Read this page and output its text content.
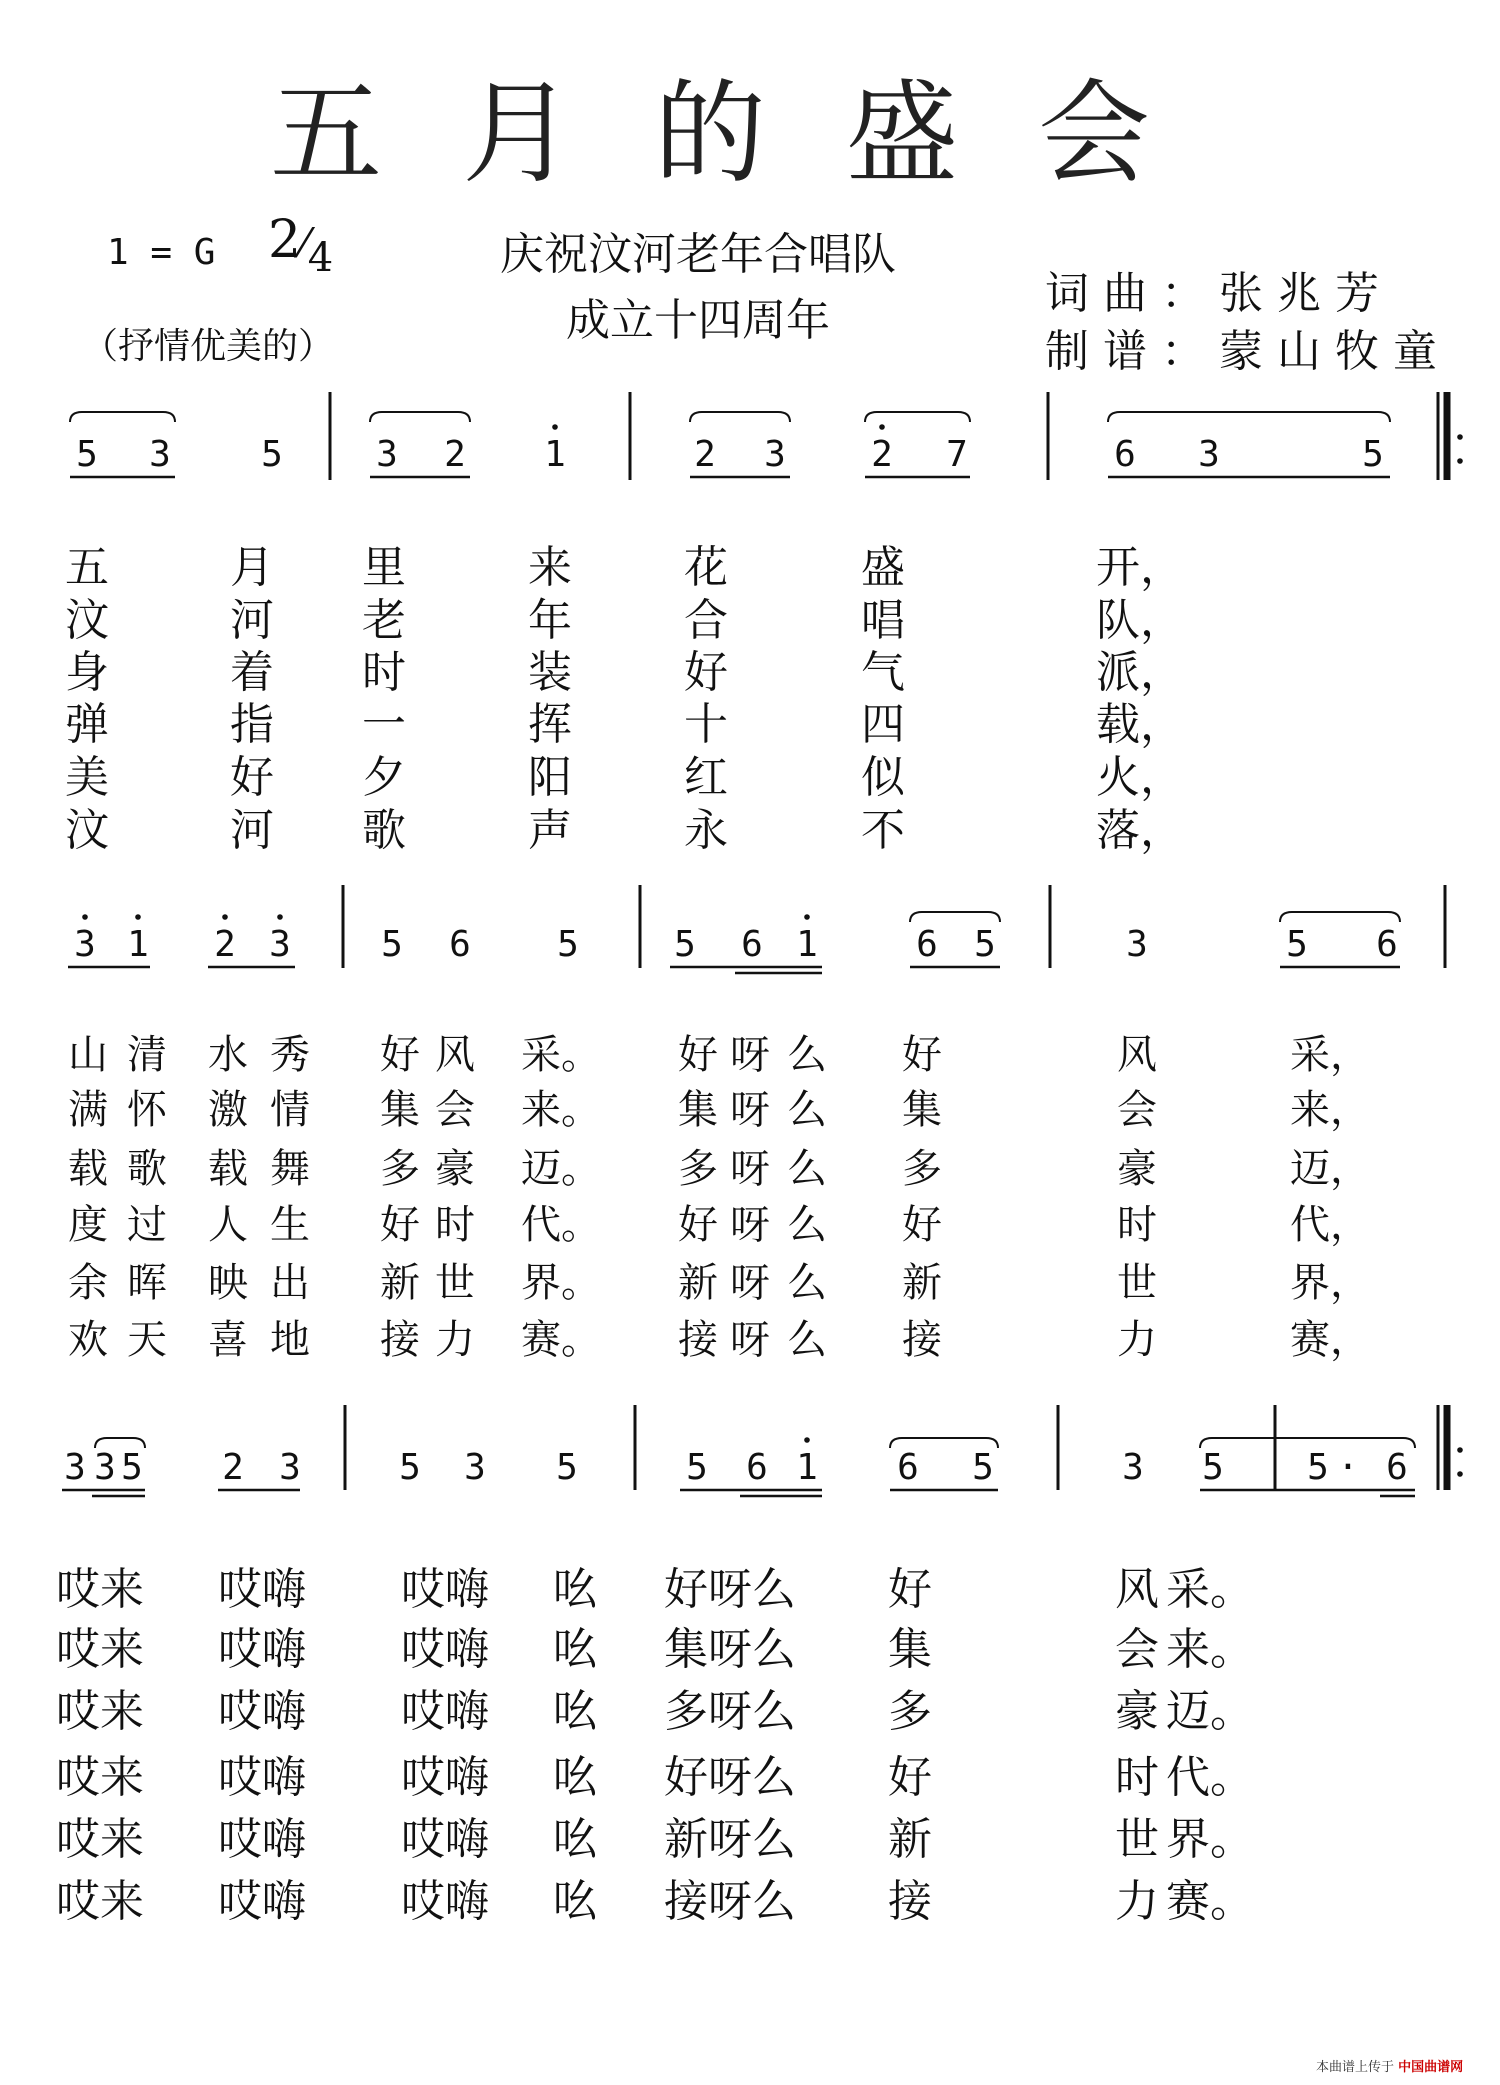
五月的盛会
1 = G $2⁄_4$
（抒情优美的）
庆祝汶河老年合唱队
成立十四周年
词曲：张兆芳
制谱：蒙山牧童
5 3	5	3 2 1	2 3 2 7	6 3	5
3 1 2 3	5 6 5	5 6 1	6 5	3	5 6
3 3 5 2 3	5 3 5	5 6 1 6 5	3 5 5 · 6
五	月 里	来	花	盛	开，
汶	河 老	年	合	唱	队，
身	着 时	装	好	气	派，
弹	指 一	挥	十	四	载，
美	好 夕	阳	红	似	火，
汶	河 歌	声	永	不	落，
山 清 水 秀 好 风 采。 好 呀 么 好	风	采，
满 怀 激 情 集 会 来。 集 呀 么 集	会	来，
载 歌 载 舞 多 豪 迈。 多 呀 么 多	豪	迈，
度 过 人 生 好 时 代。 好 呀 么 好	时	代，
余 晖 映 出 新 世 界。 新 呀 么 新	世	界，
欢 天 喜 地 接 力 赛。 接 呀 么 接	力	赛，
哎来 哎嗨 哎嗨 吆 好呀么 好	风 采。
哎来 哎嗨 哎嗨 吆 集呀么 集	会 来。
哎来 哎嗨 哎嗨 吆 多呀么 多	豪 迈。
哎来 哎嗨 哎嗨 吆 好呀么 好	时 代。
哎来 哎嗨 哎嗨 吆 新呀么 新	世 界。
哎来 哎嗨 哎嗨 吆 接呀么 接	力 赛。
本曲谱上传于 中国曲谱网
